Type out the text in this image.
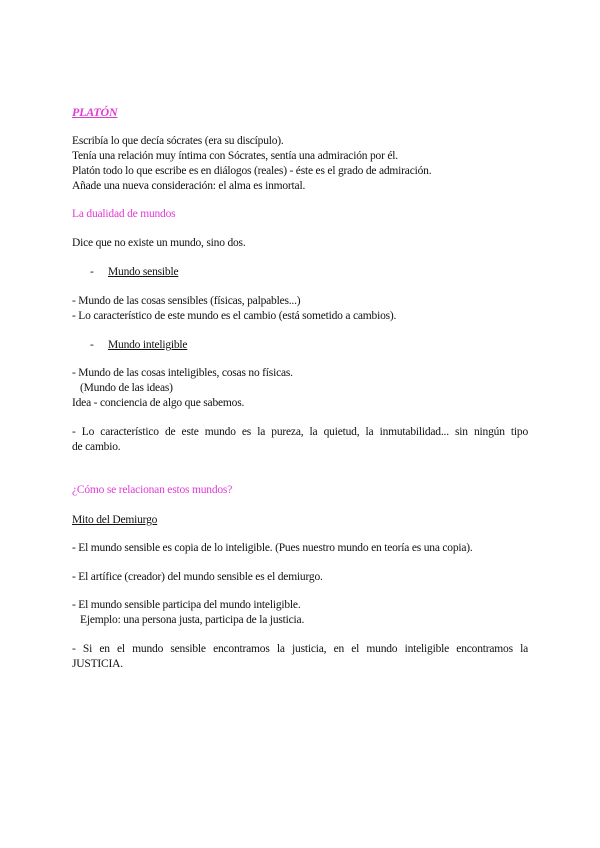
PLATÓN
Escribía lo que decía sócrates (era su discípulo).
Tenía una relación muy íntima con Sócrates, sentía una admiración por él.
Platón todo lo que escribe es en diálogos (reales) - éste es el grado de admiración.
Añade una nueva consideración: el alma es inmortal.
La dualidad de mundos
Dice que no existe un mundo, sino dos.
- Mundo sensible
- Mundo de las cosas sensibles (físicas, palpables...)
- Lo característico de este mundo es el cambio (está sometido a cambios).
- Mundo inteligible
- Mundo de las cosas inteligibles, cosas no físicas.
(Mundo de las ideas)
Idea - conciencia de algo que sabemos.
- Lo característico de este mundo es la pureza, la quietud, la inmutabilidad... sin ningún tipo
de cambio.
¿Cómo se relacionan estos mundos?
Mito del Demiurgo
- El mundo sensible es copia de lo inteligible. (Pues nuestro mundo en teoría es una copia).
- El artífice (creador) del mundo sensible es el demiurgo.
- El mundo sensible participa del mundo inteligible.
Ejemplo: una persona justa, participa de la justicia.
- Si en el mundo sensible encontramos la justicia, en el mundo inteligible encontramos la
JUSTICIA.
